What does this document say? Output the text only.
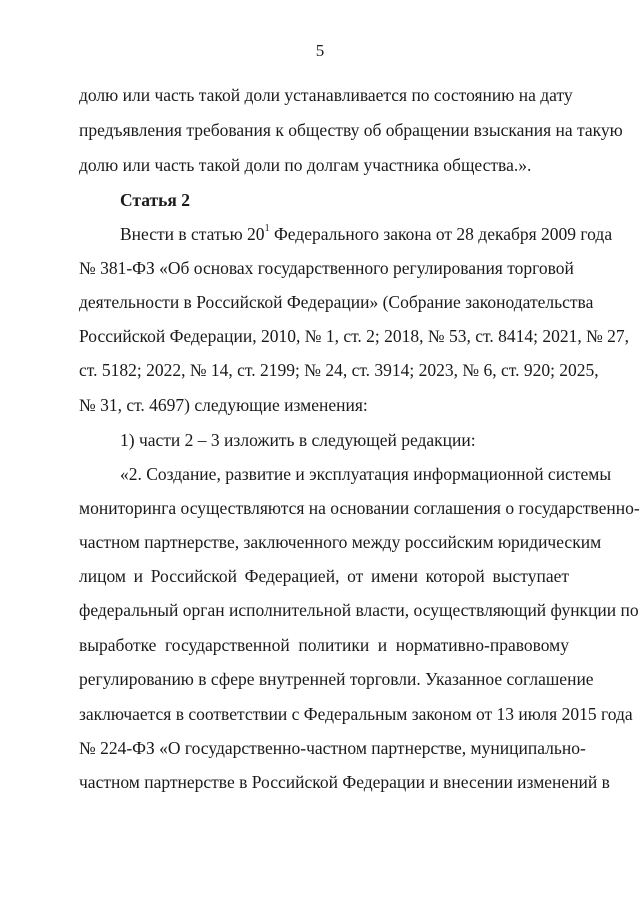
5
долю или часть такой доли устанавливается по состоянию на дату
предъявления требования к обществу об обращении взыскания на такую
долю или часть такой доли по долгам участника общества.».
Статья 2
Внести в статью $20^1$ Федерального закона от 28 декабря 2009 года
№ 381-ФЗ «Об основах государственного регулирования торговой
деятельности в Российской Федерации» (Собрание законодательства
Российской Федерации, 2010, № 1, ст. 2; 2018, № 53, ст. 8414; 2021, № 27,
ст. 5182; 2022, № 14, ст. 2199; № 24, ст. 3914; 2023, № 6, ст. 920; 2025,
№ 31, ст. 4697) следующие изменения:
1) части 2 – 3 изложить в следующей редакции:
«2. Создание, развитие и эксплуатация информационной системы
мониторинга осуществляются на основании соглашения о государственно-
частном партнерстве, заключенного между российским юридическим
лицом и Российской Федерацией, от имени которой выступает
федеральный орган исполнительной власти, осуществляющий функции по
выработке государственной политики и нормативно-правовому
регулированию в сфере внутренней торговли. Указанное соглашение
заключается в соответствии с Федеральным законом от 13 июля 2015 года
№ 224-ФЗ «О государственно-частном партнерстве, муниципально-
частном партнерстве в Российской Федерации и внесении изменений в
